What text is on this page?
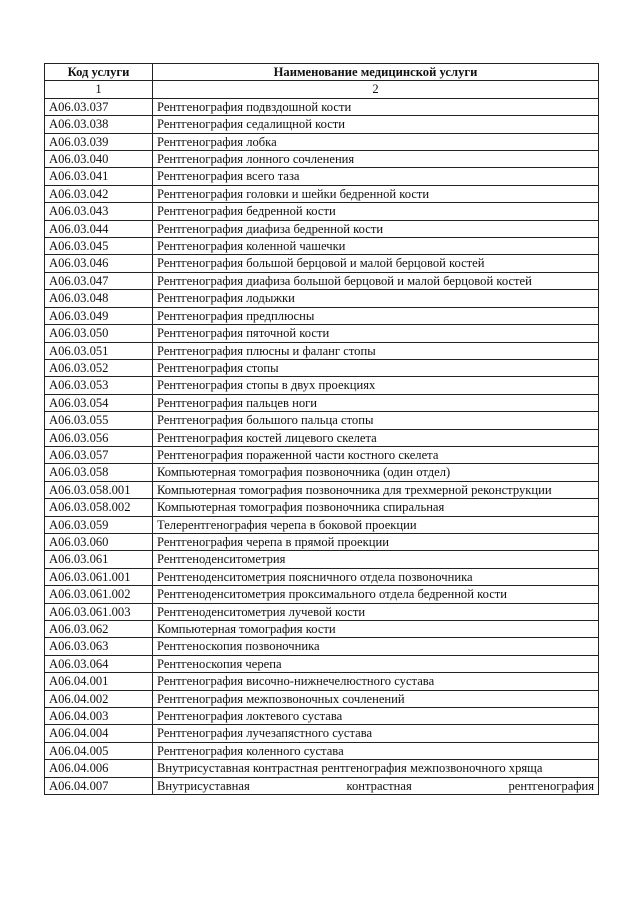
Код услуги	Наименование медицинской услуги
1	2
A06.03.037	Рентгенография подвздошной кости
A06.03.038	Рентгенография седалищной кости
A06.03.039	Рентгенография лобка
A06.03.040	Рентгенография лонного сочленения
A06.03.041	Рентгенография всего таза
A06.03.042	Рентгенография головки и шейки бедренной кости
A06.03.043	Рентгенография бедренной кости
A06.03.044	Рентгенография диафиза бедренной кости
A06.03.045	Рентгенография коленной чашечки
A06.03.046	Рентгенография большой берцовой и малой берцовой костей
A06.03.047	Рентгенография диафиза большой берцовой и малой берцовой костей
A06.03.048	Рентгенография лодыжки
A06.03.049	Рентгенография предплюсны
A06.03.050	Рентгенография пяточной кости
A06.03.051	Рентгенография плюсны и фаланг стопы
A06.03.052	Рентгенография стопы
A06.03.053	Рентгенография стопы в двух проекциях
A06.03.054	Рентгенография пальцев ноги
A06.03.055	Рентгенография большого пальца стопы
A06.03.056	Рентгенография костей лицевого скелета
A06.03.057	Рентгенография пораженной части костного скелета
A06.03.058	Компьютерная томография позвоночника (один отдел)
A06.03.058.001	Компьютерная томография позвоночника для трехмерной реконструкции
A06.03.058.002	Компьютерная томография позвоночника спиральная
A06.03.059	Телерентгенография черепа в боковой проекции
A06.03.060	Рентгенография черепа в прямой проекции
A06.03.061	Рентгеноденситометрия
A06.03.061.001	Рентгеноденситометрия поясничного отдела позвоночника
A06.03.061.002	Рентгеноденситометрия проксимального отдела бедренной кости
A06.03.061.003	Рентгеноденситометрия лучевой кости
A06.03.062	Компьютерная томография кости
A06.03.063	Рентгеноскопия позвоночника
A06.03.064	Рентгеноскопия черепа
A06.04.001	Рентгенография височно-нижнечелюстного сустава
A06.04.002	Рентгенография межпозвоночных сочленений
A06.04.003	Рентгенография локтевого сустава
A06.04.004	Рентгенография лучезапястного сустава
A06.04.005	Рентгенография коленного сустава
A06.04.006	Внутрисуставная контрастная рентгенография межпозвоночного хряща
A06.04.007	Внутрисуставная контрастная рентгенография
